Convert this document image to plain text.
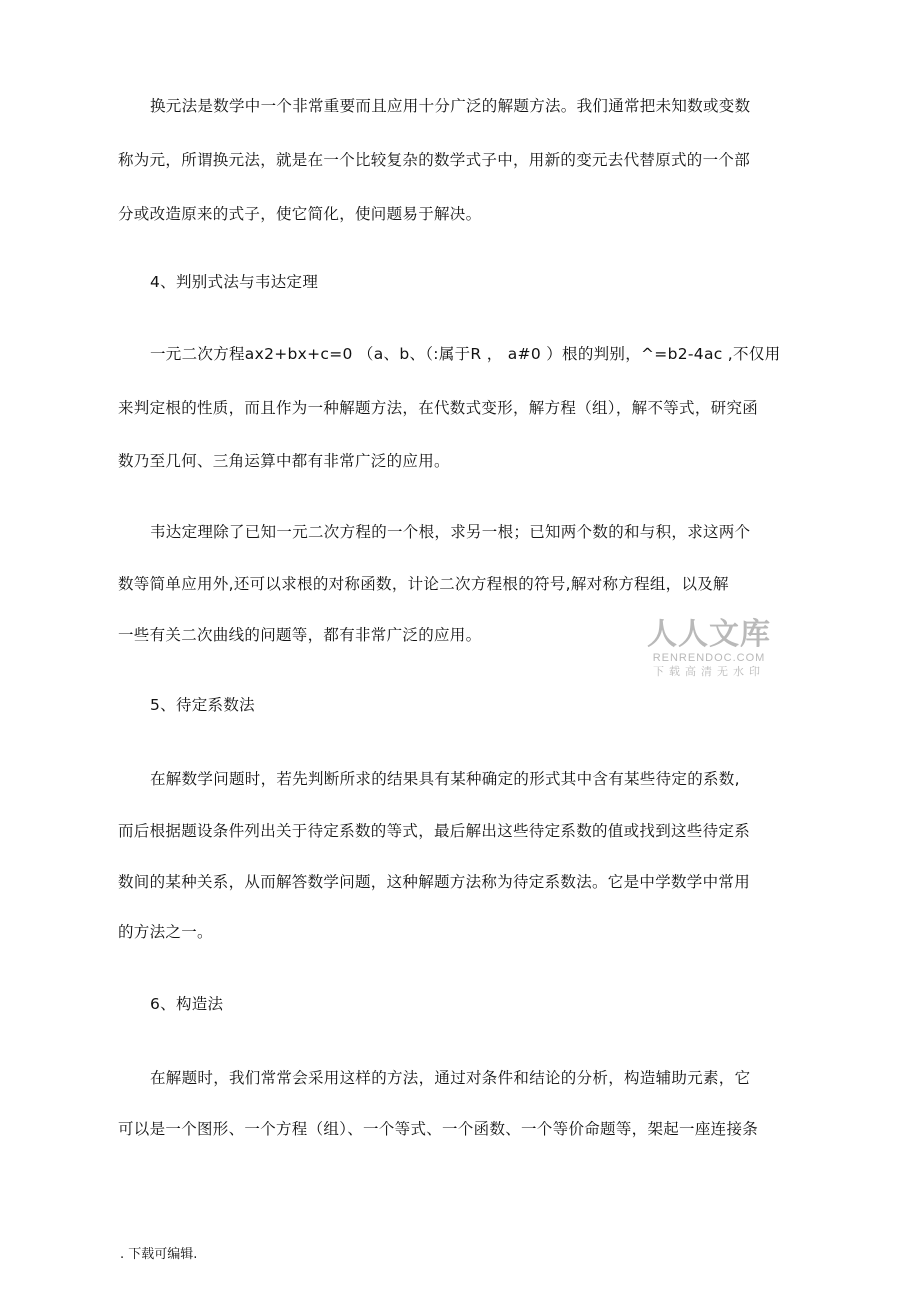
换元法是数学中一个非常重要而且应用十分广泛的解题方法。我们通常把未知数或变数
称为元，所谓换元法，就是在一个比较复杂的数学式子中，用新的变元去代替原式的一个部
分或改造原来的式子，使它简化，使问题易于解决。
4、判别式法与韦达定理
一元二次方程ax2+bx+c=0 （a、b、（:属于R ， a#0 ）根的判别，^=b2-4ac ,不仅用
来判定根的性质，而且作为一种解题方法，在代数式变形，解方程（组），解不等式，研究函
数乃至几何、三角运算中都有非常广泛的应用。
韦达定理除了已知一元二次方程的一个根，求另一根；已知两个数的和与积，求这两个
数等简单应用外,还可以求根的对称函数，计论二次方程根的符号,解对称方程组，以及解
一些有关二次曲线的问题等，都有非常广泛的应用。
5、待定系数法
在解数学问题时，若先判断所求的结果具有某种确定的形式其中含有某些待定的系数,
而后根据题设条件列出关于待定系数的等式，最后解出这些待定系数的值或找到这些待定系
数间的某种关系，从而解答数学问题，这种解题方法称为待定系数法。它是中学数学中常用
的方法之一。
6、构造法
在解题时，我们常常会采用这样的方法，通过对条件和结论的分析，构造辅助元素，它
可以是一个图形、一个方程（组）、一个等式、一个函数、一个等价命题等，架起一座连接条
人人文库
RENRENDOC.COM
下载高清无水印
. 下载可编辑.
